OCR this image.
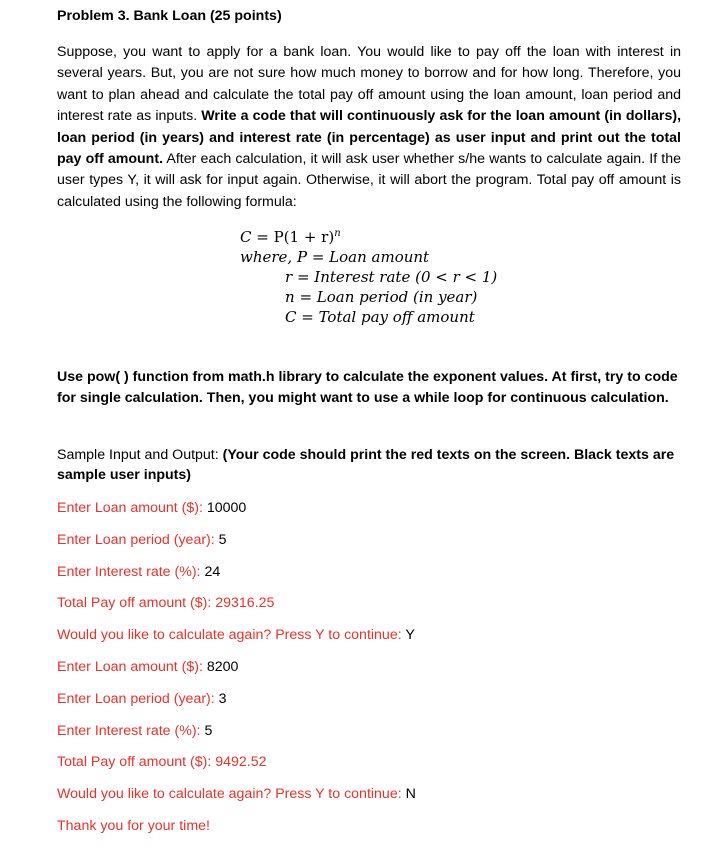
Problem 3. Bank Loan (25 points)
Suppose, you want to apply for a bank loan. You would like to pay off the loan with interest in several years. But, you are not sure how much money to borrow and for how long. Therefore, you want to plan ahead and calculate the total pay off amount using the loan amount, loan period and interest rate as inputs. Write a code that will continuously ask for the loan amount (in dollars), loan period (in years) and interest rate (in percentage) as user input and print out the total pay off amount. After each calculation, it will ask user whether s/he wants to calculate again. If the user types Y, it will ask for input again. Otherwise, it will abort the program. Total pay off amount is calculated using the following formula:
$C = P(1 + r)^n$
where, P = Loan amount
r = Interest rate (0 < r < 1)
n = Loan period (in year)
C = Total pay off amount
Use pow( ) function from math.h library to calculate the exponent values. At first, try to code for single calculation. Then, you might want to use a while loop for continuous calculation.
Sample Input and Output: (Your code should print the red texts on the screen. Black texts are sample user inputs)
Enter Loan amount ($): 10000
Enter Loan period (year): 5
Enter Interest rate (%): 24
Total Pay off amount ($): 29316.25
Would you like to calculate again? Press Y to continue: Y
Enter Loan amount ($): 8200
Enter Loan period (year): 3
Enter Interest rate (%): 5
Total Pay off amount ($): 9492.52
Would you like to calculate again? Press Y to continue: N
Thank you for your time!
